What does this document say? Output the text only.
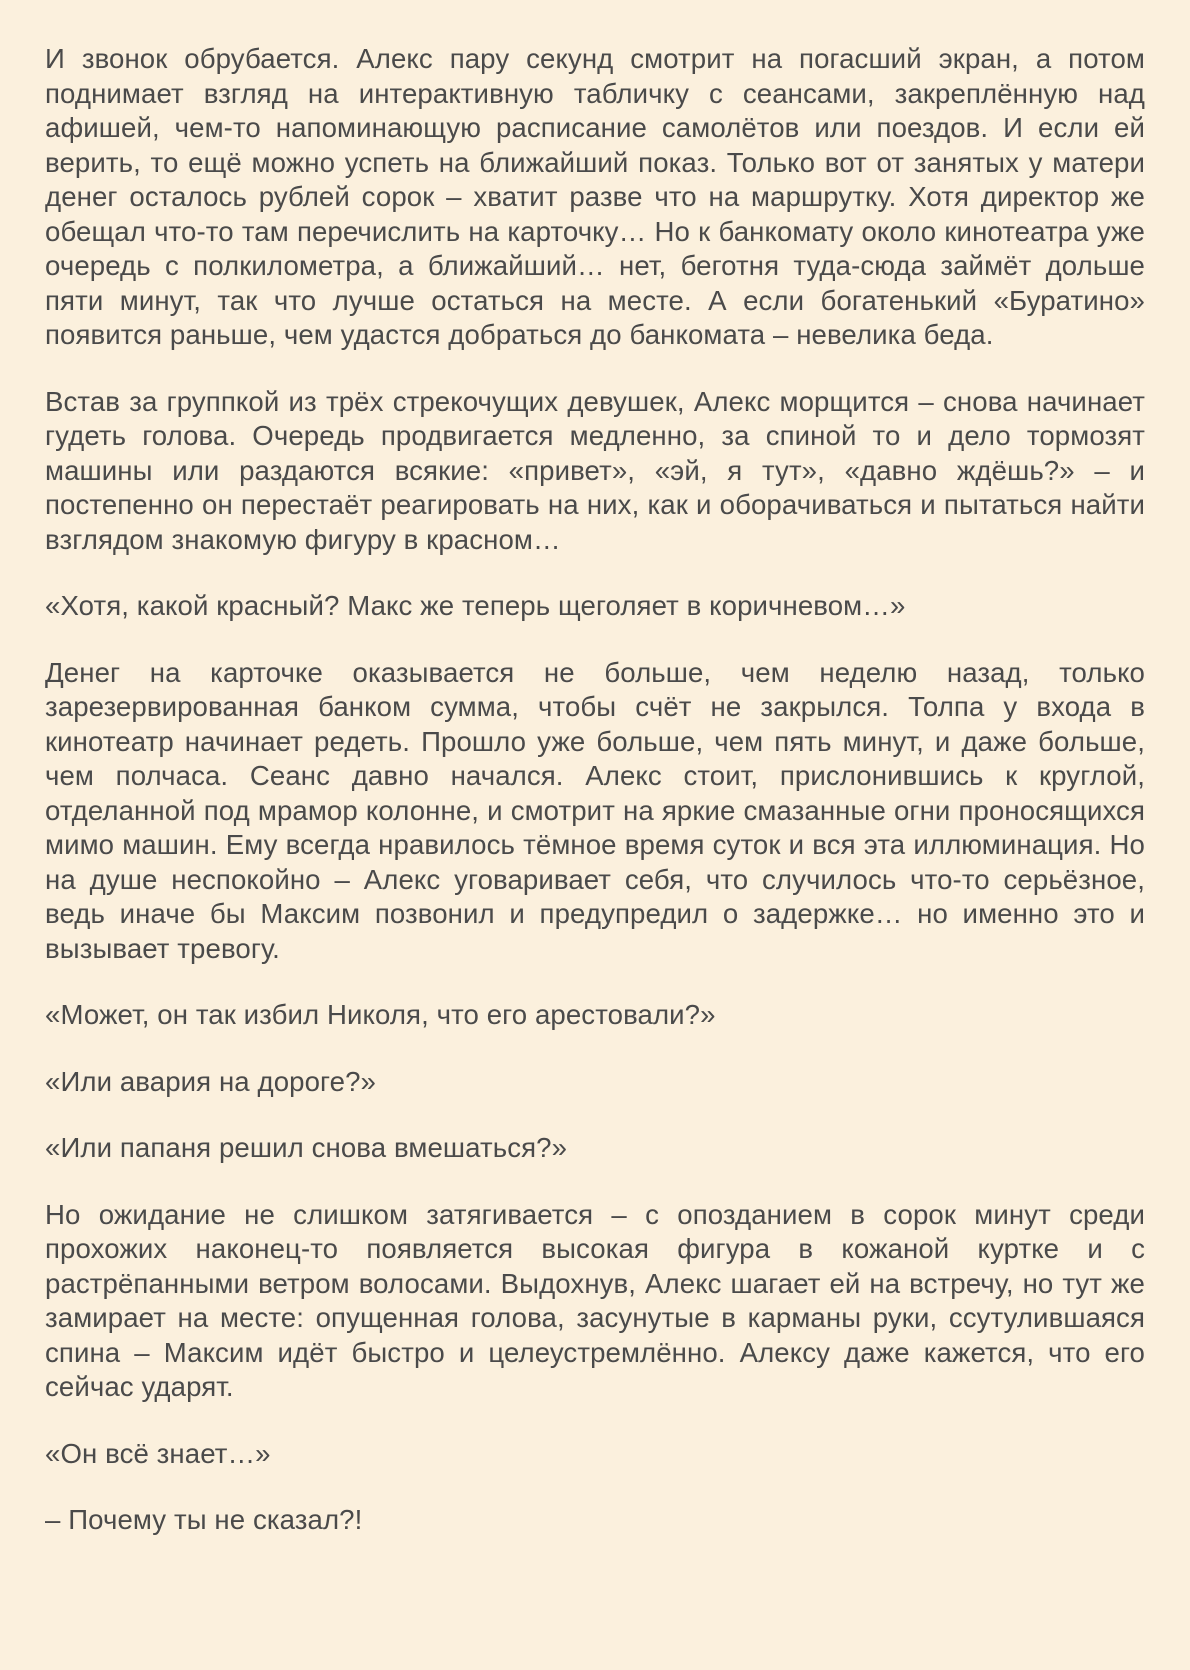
И звонок обрубается. Алекс пару секунд смотрит на погасший экран, а потом поднимает взгляд на интерактивную табличку с сеансами, закреплённую над афишей, чем-то напоминающую расписание самолётов или поездов. И если ей верить, то ещё можно успеть на ближайший показ. Только вот от занятых у матери денег осталось рублей сорок – хватит разве что на маршрутку. Хотя директор же обещал что-то там перечислить на карточку… Но к банкомату около кинотеатра уже очередь с полкилометра, а ближайший… нет, беготня туда-сюда займёт дольше пяти минут, так что лучше остаться на месте. А если богатенький «Буратино» появится раньше, чем удастся добраться до банкомата – невелика беда.

Встав за группкой из трёх стрекочущих девушек, Алекс морщится – снова начинает гудеть голова. Очередь продвигается медленно, за спиной то и дело тормозят машины или раздаются всякие: «привет», «эй, я тут», «давно ждёшь?» – и постепенно он перестаёт реагировать на них, как и оборачиваться и пытаться найти взглядом знакомую фигуру в красном…

«Хотя, какой красный? Макс же теперь щеголяет в коричневом…»

Денег на карточке оказывается не больше, чем неделю назад, только зарезервированная банком сумма, чтобы счёт не закрылся. Толпа у входа в кинотеатр начинает редеть. Прошло уже больше, чем пять минут, и даже больше, чем полчаса. Сеанс давно начался. Алекс стоит, прислонившись к круглой, отделанной под мрамор колонне, и смотрит на яркие смазанные огни проносящихся мимо машин. Ему всегда нравилось тёмное время суток и вся эта иллюминация. Но на душе неспокойно – Алекс уговаривает себя, что случилось что-то серьёзное, ведь иначе бы Максим позвонил и предупредил о задержке… но именно это и вызывает тревогу.

«Может, он так избил Николя, что его арестовали?»

«Или авария на дороге?»

«Или папаня решил снова вмешаться?»

Но ожидание не слишком затягивается – с опозданием в сорок минут среди прохожих наконец-то появляется высокая фигура в кожаной куртке и с растрёпанными ветром волосами. Выдохнув, Алекс шагает ей на встречу, но тут же замирает на месте: опущенная голова, засунутые в карманы руки, ссутулившаяся спина – Максим идёт быстро и целеустремлённо. Алексу даже кажется, что его сейчас ударят.

«Он всё знает…»

– Почему ты не сказал?!
